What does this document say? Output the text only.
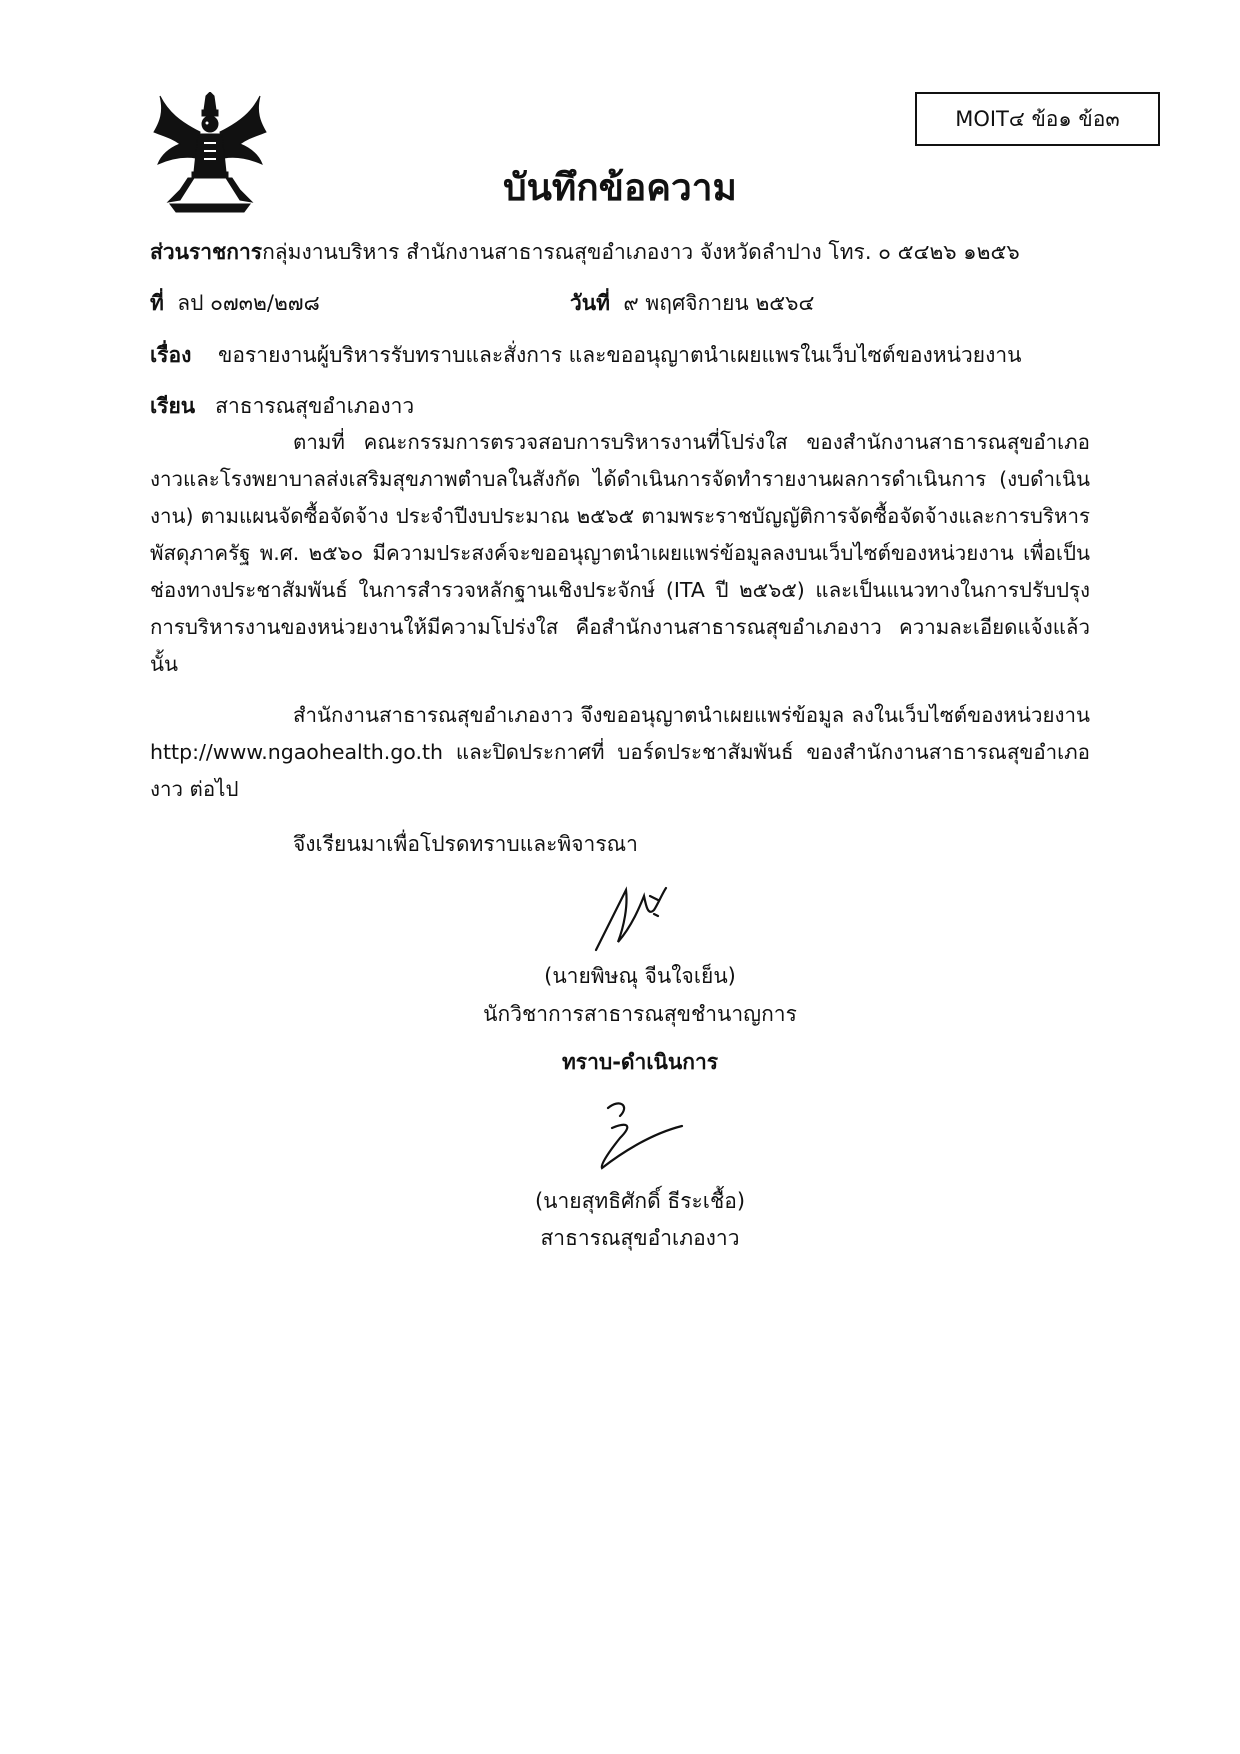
MOIT๔ ข้อ๑ ข้อ๓
บันทึกข้อความ
ส่วนราชการกลุ่มงานบริหาร สำนักงานสาธารณสุขอำเภองาว จังหวัดลำปาง โทร. ๐ ๕๔๒๖ ๑๒๕๖
ที่ ลป ๐๗๓๒/๒๗๘	วันที่ ๙ พฤศจิกายน ๒๕๖๔
เรื่อง ขอรายงานผู้บริหารรับทราบและสั่งการ และขออนุญาตนำเผยแพรในเว็บไซต์ของหน่วยงาน
เรียน สาธารณสุขอำเภองาว
ตามที่ คณะกรรมการตรวจสอบการบริหารงานที่โปร่งใส ของสำนักงานสาธารณสุขอำเภองาวและโรงพยาบาลส่งเสริมสุขภาพตำบลในสังกัด ได้ดำเนินการจัดทำรายงานผลการดำเนินการ (งบดำเนินงาน) ตามแผนจัดซื้อจัดจ้าง ประจำปีงบประมาณ ๒๕๖๕ ตามพระราชบัญญัติการจัดซื้อจัดจ้างและการบริหารพัสดุภาครัฐ พ.ศ. ๒๕๖๐ มีความประสงค์จะขออนุญาตนำเผยแพร่ข้อมูลลงบนเว็บไซต์ของหน่วยงาน เพื่อเป็นช่องทางประชาสัมพันธ์ ในการสำรวจหลักฐานเชิงประจักษ์ (ITA ปี ๒๕๖๕) และเป็นแนวทางในการปรับปรุงการบริหารงานของหน่วยงานให้มีความโปร่งใส คือสำนักงานสาธารณสุขอำเภองาว ความละเอียดแจ้งแล้วนั้น
สำนักงานสาธารณสุขอำเภองาว จึงขออนุญาตนำเผยแพร่ข้อมูล ลงในเว็บไซต์ของหน่วยงาน http://www.ngaohealth.go.th และปิดประกาศที่ บอร์ดประชาสัมพันธ์ ของสำนักงานสาธารณสุขอำเภองาว ต่อไป
จึงเรียนมาเพื่อโปรดทราบและพิจารณา
(นายพิษณุ จีนใจเย็น)
นักวิชาการสาธารณสุขชำนาญการ
ทราบ-ดำเนินการ
(นายสุทธิศักดิ์ ธีระเชื้อ)
สาธารณสุขอำเภองาว
